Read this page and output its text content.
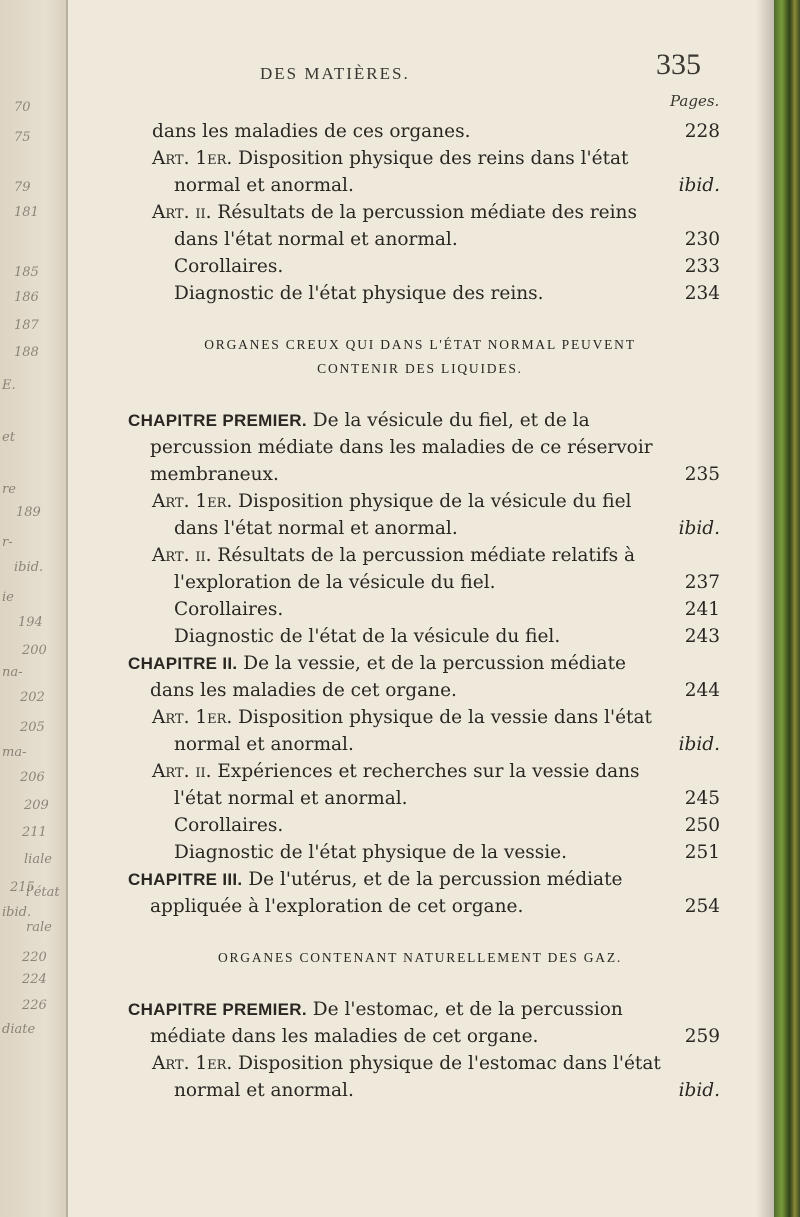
70
75
79
181
185
186
187
188
E.
et
re
189
r-
ibid.
ie
194
200
na-
202
205
ma-
206
209
211
liale
215
l'état
ibid.
rale
220
224
226
diate
DES MATIÈRES.	335
Pages.
dans les maladies de ces organes.	228
Art. 1er. Disposition physique des reins dans l'état
normal et anormal.	ibid.
Art. ii. Résultats de la percussion médiate des reins
dans l'état normal et anormal.	230
Corollaires.	233
Diagnostic de l'état physique des reins.	234
ORGANES CREUX QUI DANS L'ÉTAT NORMAL PEUVENT
CONTENIR DES LIQUIDES.
CHAPITRE PREMIER. De la vésicule du fiel, et de la
percussion médiate dans les maladies de ce réservoir
membraneux.	235
Art. 1er. Disposition physique de la vésicule du fiel
dans l'état normal et anormal.	ibid.
Art. ii. Résultats de la percussion médiate relatifs à
l'exploration de la vésicule du fiel.	237
Corollaires.	241
Diagnostic de l'état de la vésicule du fiel.	243
CHAPITRE II. De la vessie, et de la percussion médiate
dans les maladies de cet organe.	244
Art. 1er. Disposition physique de la vessie dans l'état
normal et anormal.	ibid.
Art. ii. Expériences et recherches sur la vessie dans
l'état normal et anormal.	245
Corollaires.	250
Diagnostic de l'état physique de la vessie.	251
CHAPITRE III. De l'utérus, et de la percussion médiate
appliquée à l'exploration de cet organe.	254
ORGANES CONTENANT NATURELLEMENT DES GAZ.
CHAPITRE PREMIER. De l'estomac, et de la percussion
médiate dans les maladies de cet organe.	259
Art. 1er. Disposition physique de l'estomac dans l'état
normal et anormal.	ibid.
